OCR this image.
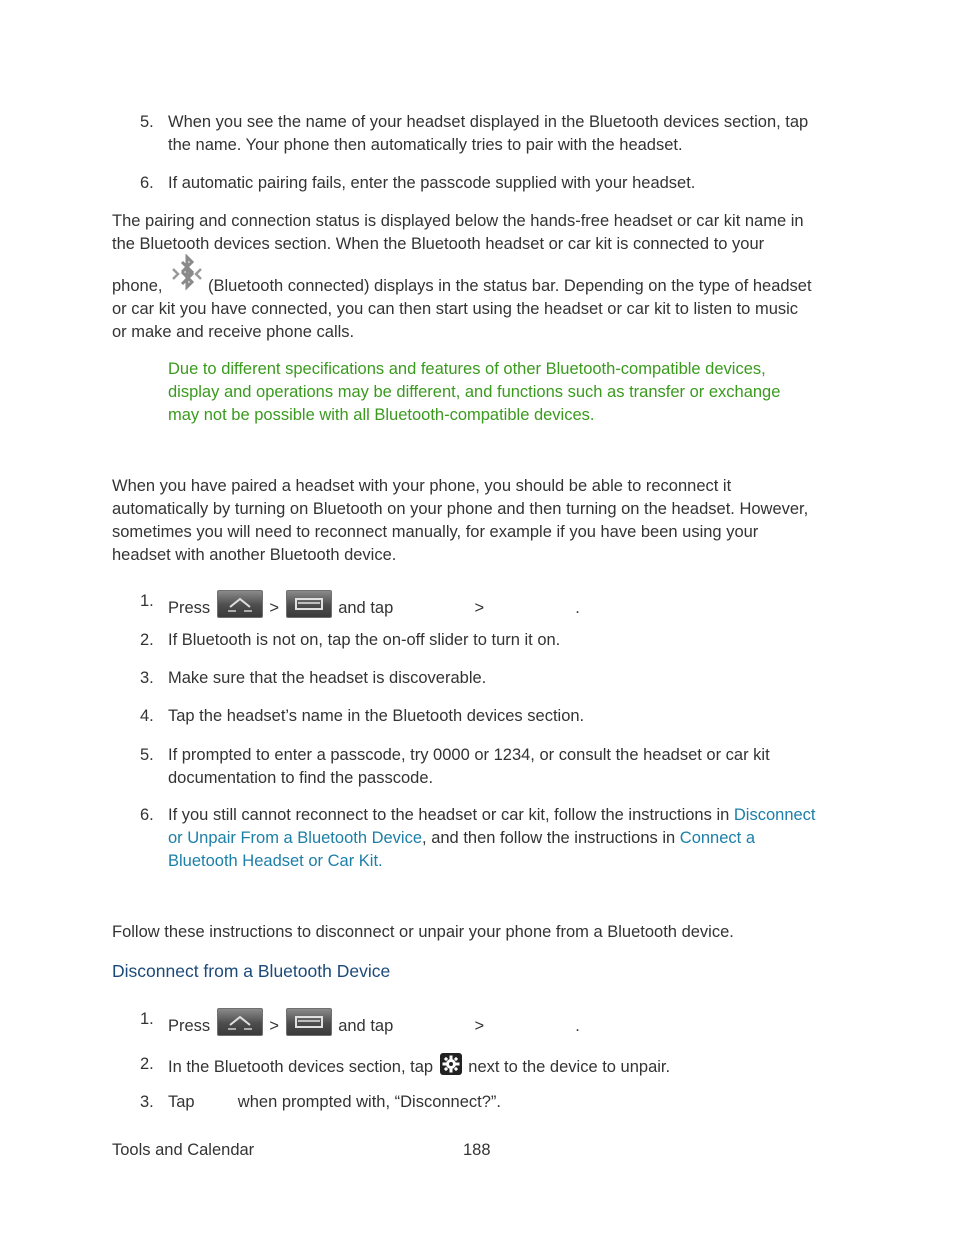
5. When you see the name of your headset displayed in the Bluetooth devices section, tap
the name. Your phone then automatically tries to pair with the headset.
6. If automatic pairing fails, enter the passcode supplied with your headset.
The pairing and connection status is displayed below the hands-free headset or car kit name in
the Bluetooth devices section. When the Bluetooth headset or car kit is connected to your
phone,	(Bluetooth connected) displays in the status bar. Depending on the type of headset
or car kit you have connected, you can then start using the headset or car kit to listen to music
or make and receive phone calls.
Due to different specifications and features of other Bluetooth-compatible devices,
display and operations may be different, and functions such as transfer or exchange
may not be possible with all Bluetooth-compatible devices.
When you have paired a headset with your phone, you should be able to reconnect it
automatically by turning on Bluetooth on your phone and then turning on the headset. However,
sometimes you will need to reconnect manually, for example if you have been using your
headset with another Bluetooth device.
1. Press	>	and tap	>	.
2. If Bluetooth is not on, tap the on-off slider to turn it on.
3. Make sure that the headset is discoverable.
4. Tap the headset’s name in the Bluetooth devices section.
5. If prompted to enter a passcode, try 0000 or 1234, or consult the headset or car kit
documentation to find the passcode.
6. If you still cannot reconnect to the headset or car kit, follow the instructions in Disconnect
or Unpair From a Bluetooth Device, and then follow the instructions in Connect a
Bluetooth Headset or Car Kit.
Follow these instructions to disconnect or unpair your phone from a Bluetooth device.
Disconnect from a Bluetooth Device
1. Press	>	and tap	>	.
2. In the Bluetooth devices section, tap next to the device to unpair.
3. Tap	when prompted with, “Disconnect?”.
Tools and Calendar	188
